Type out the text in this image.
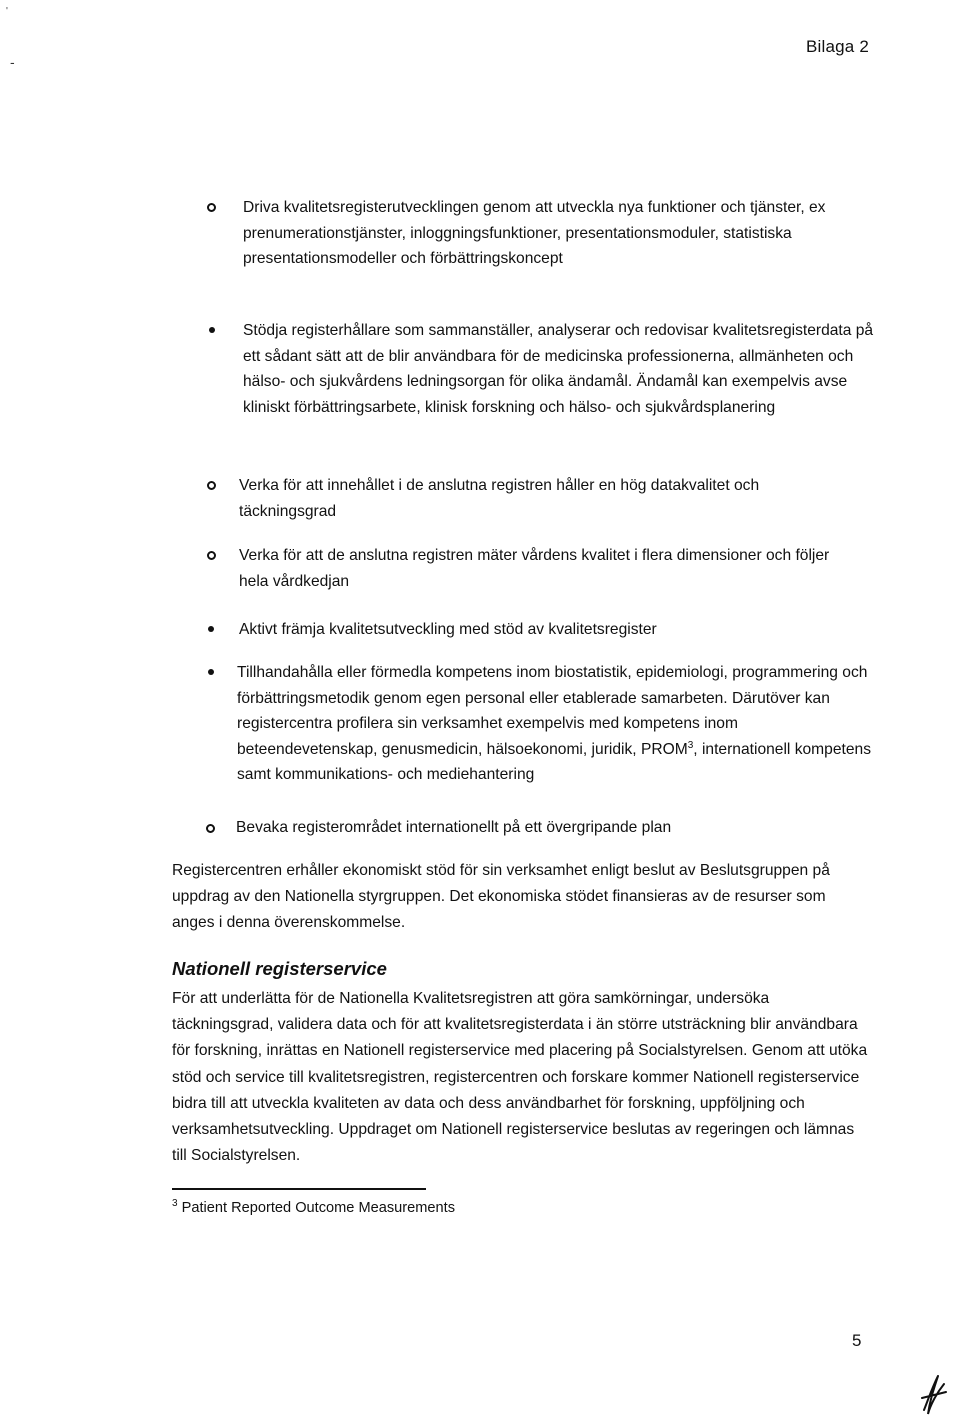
'
-
Bilaga 2

Driva kvalitetsregisterutvecklingen genom att utveckla nya funktioner och tjänster, ex prenumerationstjänster, inloggningsfunktioner, presentationsmoduler, statistiska presentationsmodeller och förbättringskoncept

Stödja registerhållare som sammanställer, analyserar och redovisar kvalitetsregisterdata på ett sådant sätt att de blir användbara för de medicinska professionerna, allmänheten och hälso- och sjukvårdens ledningsorgan för olika ändamål. Ändamål kan exempelvis avse kliniskt förbättringsarbete, klinisk forskning och hälso- och sjukvårdsplanering

Verka för att innehållet i de anslutna registren håller en hög datakvalitet och täckningsgrad

Verka för att de anslutna registren mäter vårdens kvalitet i flera dimensioner och följer hela vårdkedjan

Aktivt främja kvalitetsutveckling med stöd av kvalitetsregister

Tillhandahålla eller förmedla kompetens inom biostatistik, epidemiologi, programmering och förbättringsmetodik genom egen personal eller etablerade samarbeten. Därutöver kan registercentra profilera sin verksamhet exempelvis med kompetens inom beteendevetenskap, genusmedicin, hälsoekonomi, juridik, PROM$^3$, internationell kompetens samt kommunikations- och mediehantering

Bevaka registerområdet internationellt på ett övergripande plan

Registercentren erhåller ekonomiskt stöd för sin verksamhet enligt beslut av Beslutsgruppen på uppdrag av den Nationella styrgruppen. Det ekonomiska stödet finansieras av de resurser som anges i denna överenskommelse.

Nationell registerservice

För att underlätta för de Nationella Kvalitetsregistren att göra samkörningar, undersöka täckningsgrad, validera data och för att kvalitetsregisterdata i än större utsträckning blir användbara för forskning, inrättas en Nationell registerservice med placering på Socialstyrelsen. Genom att utöka stöd och service till kvalitetsregistren, registercentren och forskare kommer Nationell registerservice bidra till att utveckla kvaliteten av data och dess användbarhet för forskning, uppföljning och verksamhetsutveckling. Uppdraget om Nationell registerservice beslutas av regeringen och lämnas till Socialstyrelsen.

$^3$ Patient Reported Outcome Measurements
5
